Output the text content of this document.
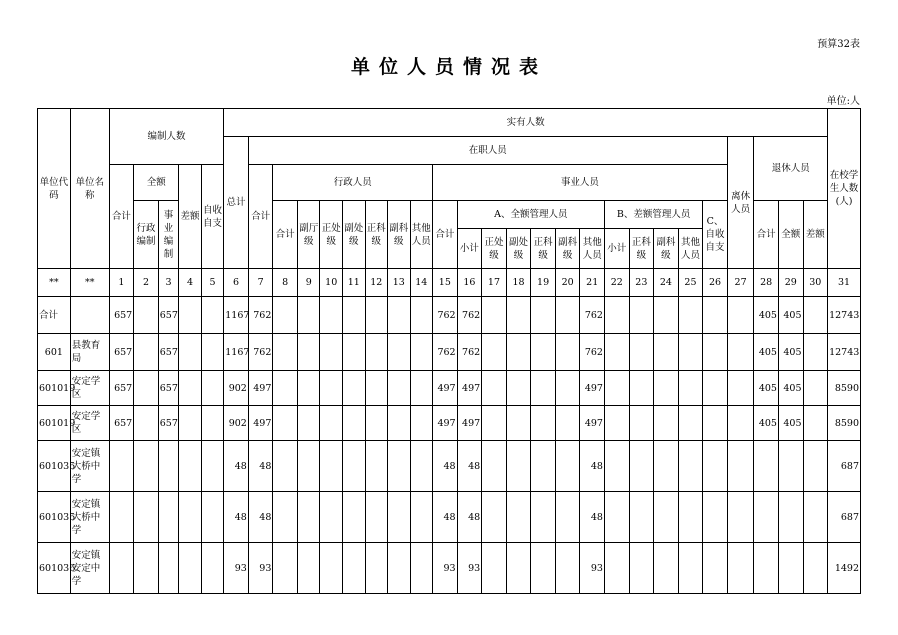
预算32表
单位人员情况表
单位:人
单位代码	单位名称	编制人数					实有人数																									在校学生人数(人)
							总计	在职人员																				离休人员	退休人员			
		合计	全额		差额	自收自支		合计	行政人员							事业人员																
			行政编制	事业编制					合计	副厅级	正处级	副处级	正科级	副科级	其他人员	合计	A、全额管理人员						B、差额管理人员				C、自收自支		合计	全额	差额	
																	小计	正处级	副处级	正科级	副科级	其他人员	小计	正科级	副科级	其他人员						

**	**	1	2	3	4	5	6	7	8	9	10	11	12	13	14	15	16	17	18	19	20	21	22	23	24	25	26	27	28	29	30	31
合计		657		657			1167	762								762	762					762							405	405		12743
601	县教育局	657		657			1167	762								762	762					762							405	405		12743
601019	安定学区	657		657			902	497								497	497					497							405	405		8590
601019	安定学区	657		657			902	497								497	497					497							405	405		8590
601035	安定镇大桥中学						48	48								48	48					48										687
601035	安定镇大桥中学						48	48								48	48					48										687
601036	安定镇安定中学						93	93								93	93					93										1492
